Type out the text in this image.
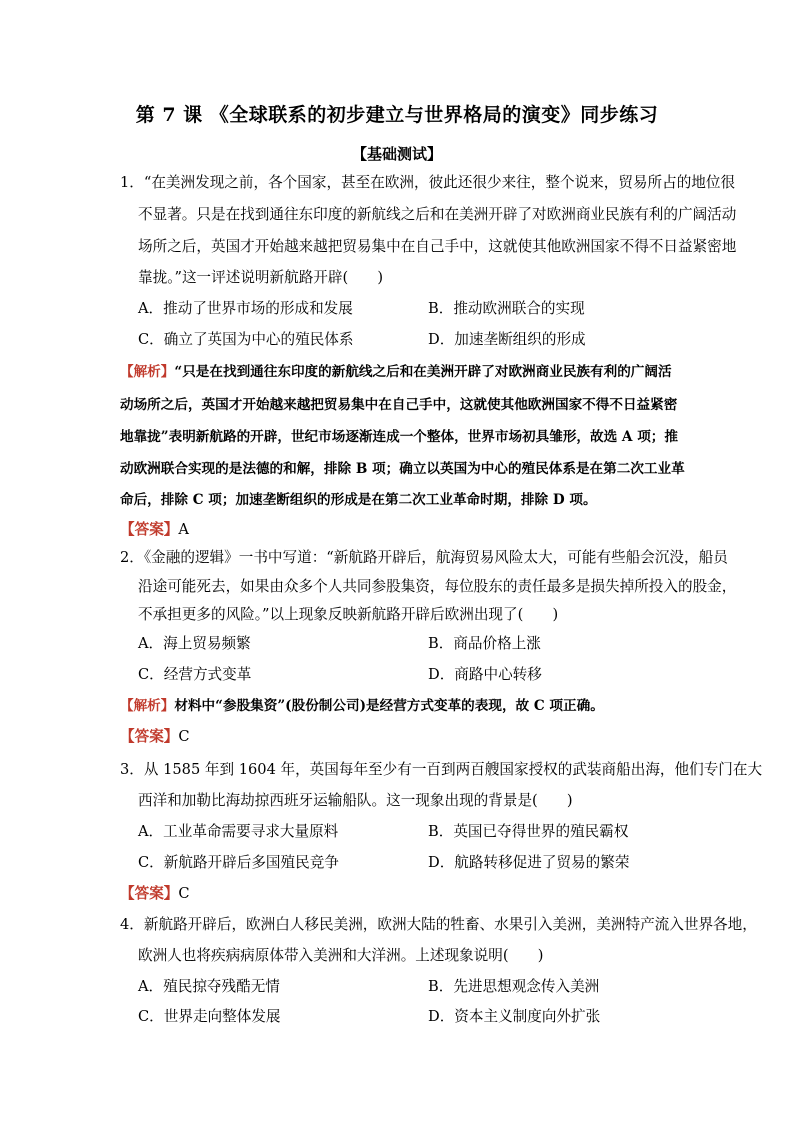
第 7 课 《全球联系的初步建立与世界格局的演变》同步练习
【基础测试】
1．“在美洲发现之前，各个国家，甚至在欧洲，彼此还很少来往，整个说来，贸易所占的地位很
不显著。只是在找到通往东印度的新航线之后和在美洲开辟了对欧洲商业民族有利的广阔活动
场所之后，英国才开始越来越把贸易集中在自己手中，这就使其他欧洲国家不得不日益紧密地
靠拢。”这一评述说明新航路开辟(　　)
A．推动了世界市场的形成和发展	B．推动欧洲联合的实现
C．确立了英国为中心的殖民体系	D．加速垄断组织的形成
【解析】“只是在找到通往东印度的新航线之后和在美洲开辟了对欧洲商业民族有利的广阔活
动场所之后，英国才开始越来越把贸易集中在自己手中，这就使其他欧洲国家不得不日益紧密
地靠拢”表明新航路的开辟，世纪市场逐渐连成一个整体，世界市场初具雏形，故选 A 项；推
动欧洲联合实现的是法德的和解，排除 B 项；确立以英国为中心的殖民体系是在第二次工业革
命后，排除 C 项；加速垄断组织的形成是在第二次工业革命时期，排除 D 项。
【答案】A
2．《金融的逻辑》一书中写道：“新航路开辟后，航海贸易风险太大，可能有些船会沉没，船员
沿途可能死去，如果由众多个人共同参股集资，每位股东的责任最多是损失掉所投入的股金，
不承担更多的风险。”以上现象反映新航路开辟后欧洲出现了(　　)
A．海上贸易频繁	B．商品价格上涨
C．经营方式变革	D．商路中心转移
【解析】材料中“参股集资”(股份制公司)是经营方式变革的表现，故 C 项正确。
【答案】C
3．从 1585 年到 1604 年，英国每年至少有一百到两百艘国家授权的武装商船出海，他们专门在大
西洋和加勒比海劫掠西班牙运输船队。这一现象出现的背景是(　　)
A．工业革命需要寻求大量原料	B．英国已夺得世界的殖民霸权
C．新航路开辟后多国殖民竞争	D．航路转移促进了贸易的繁荣
【答案】C
4．新航路开辟后，欧洲白人移民美洲，欧洲大陆的牲畜、水果引入美洲，美洲特产流入世界各地，
欧洲人也将疾病病原体带入美洲和大洋洲。上述现象说明(　　)
A．殖民掠夺残酷无情	B．先进思想观念传入美洲
C．世界走向整体发展	D．资本主义制度向外扩张
